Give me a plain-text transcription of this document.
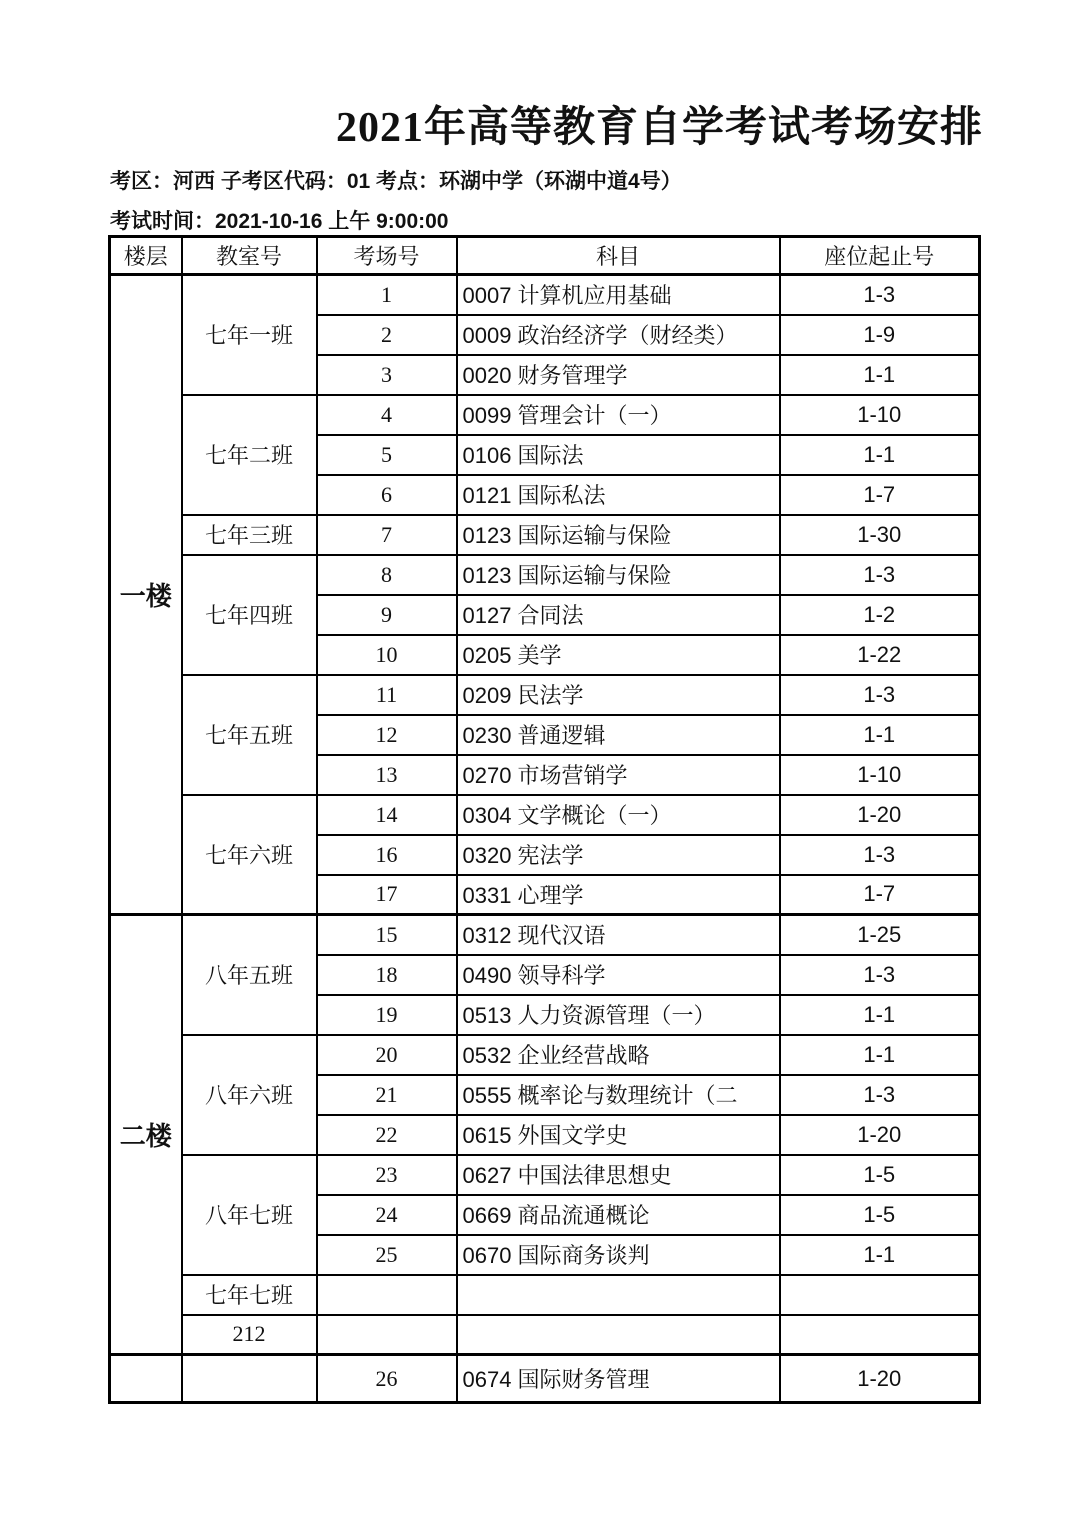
2021年高等教育自学考试考场安排
考区：河西 子考区代码：01 考点：环湖中学（环湖中道4号）
考试时间：2021-10-16 上午 9:00:00
楼层	教室号	考场号	科目	座位起止号
一楼	七年一班	1	0007 计算机应用基础	1-3
		2	0009 政治经济学（财经类）	1-9
		3	0020 财务管理学	1-1
	七年二班	4	0099 管理会计（一）	1-10
		5	0106 国际法	1-1
		6	0121 国际私法	1-7
	七年三班	7	0123 国际运输与保险	1-30
	七年四班	8	0123 国际运输与保险	1-3
		9	0127 合同法	1-2
		10	0205 美学	1-22
	七年五班	11	0209 民法学	1-3
		12	0230 普通逻辑	1-1
		13	0270 市场营销学	1-10
	七年六班	14	0304 文学概论（一）	1-20
		16	0320 宪法学	1-3
		17	0331 心理学	1-7
二楼	八年五班	15	0312 现代汉语	1-25
		18	0490 领导科学	1-3
		19	0513 人力资源管理（一）	1-1
	八年六班	20	0532 企业经营战略	1-1
		21	0555 概率论与数理统计（二	1-3
		22	0615 外国文学史	1-20
	八年七班	23	0627 中国法律思想史	1-5
		24	0669 商品流通概论	1-5
		25	0670 国际商务谈判	1-1
	七年七班			
	212			
		26	0674 国际财务管理	1-20
